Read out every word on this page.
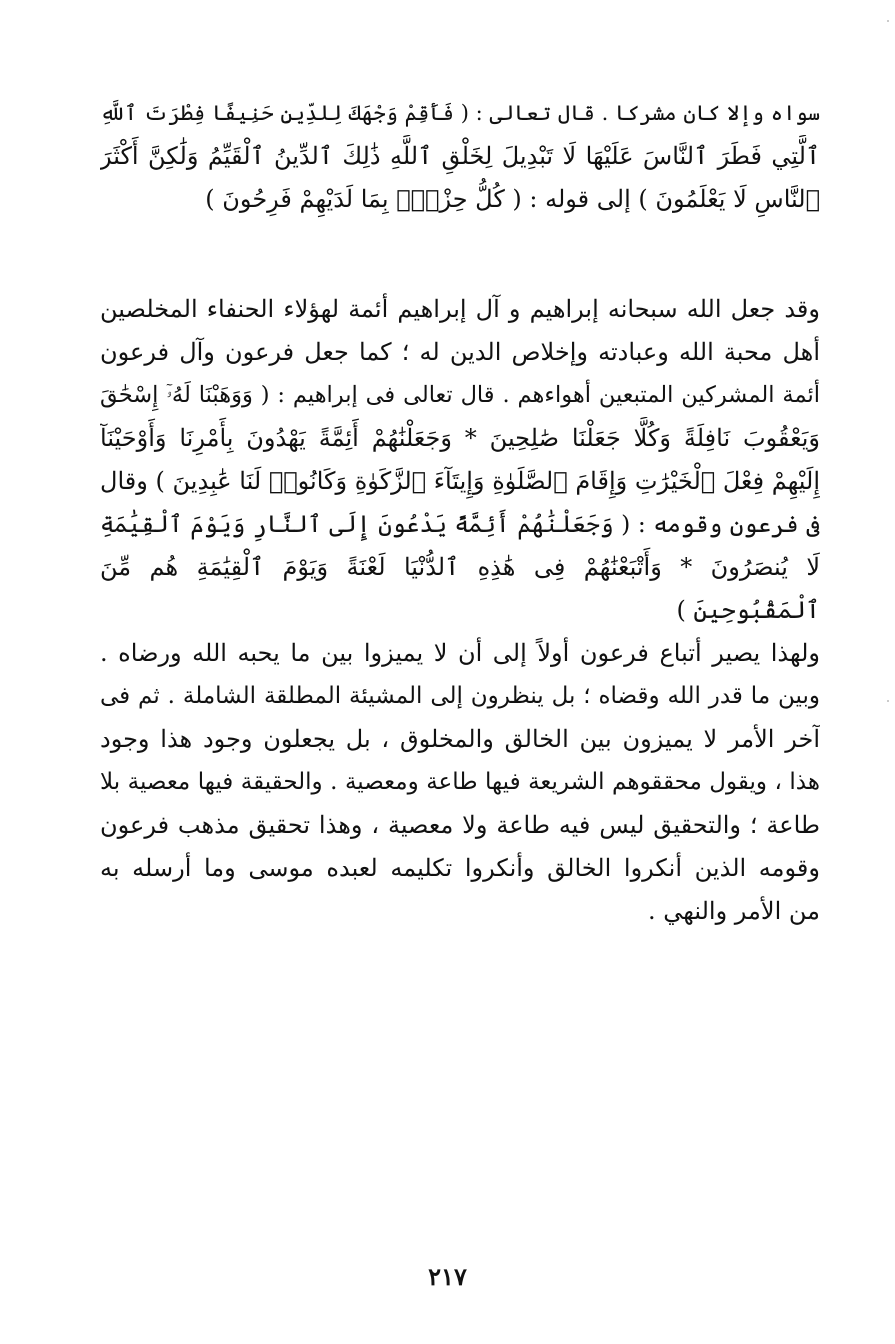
سواه وإلا كان مشركا . قال تعالى : ( فَأَقِمْ وَجْهَكَ لِلدِّينِ حَنِيفًا فِطْرَتَ ٱللَّهِ
ٱلَّتِي فَطَرَ ٱلنَّاسَ عَلَيْهَا لَا تَبْدِيلَ لِخَلْقِ ٱللَّهِ ذَٰلِكَ ٱلدِّينُ ٱلْقَيِّمُ وَلَٰكِنَّ أَكْثَرَ
ٱلنَّاسِ لَا يَعْلَمُونَ ) إلى قوله : ( كُلُّ حِزْبٍۭ بِمَا لَدَيْهِمْ فَرِحُونَ )
وقد جعل الله سبحانه إبراهيم و آل إبراهيم أئمة لهؤلاء الحنفاء المخلصين
أهل محبة الله وعبادته وإخلاص الدين له ؛ كما جعل فرعون وآل فرعون
أئمة المشركين المتبعين أهواءهم . قال تعالى فى إبراهيم : ( وَوَهَبْنَا لَهُۥٓ إِسْحَٰقَ
وَيَعْقُوبَ نَافِلَةً وَكُلًّا جَعَلْنَا صَٰلِحِينَ * وَجَعَلْنَٰهُمْ أَئِمَّةً يَهْدُونَ بِأَمْرِنَا وَأَوْحَيْنَآ
إِلَيْهِمْ فِعْلَ ٱلْخَيْرَٰتِ وَإِقَامَ ٱلصَّلَوٰةِ وَإِيتَآءَ ٱلزَّكَوٰةِ وَكَانُوا۟ لَنَا عَٰبِدِينَ ) وقال
فى فرعون وقومه : ( وَجَعَلْنَٰهُمْ أَئِمَّةً يَدْعُونَ إِلَى ٱلنَّارِ وَيَوْمَ ٱلْقِيَٰمَةِ
لَا يُنصَرُونَ * وَأَتْبَعْنَٰهُمْ فِى هَٰذِهِ ٱلدُّنْيَا لَعْنَةً وَيَوْمَ ٱلْقِيَٰمَةِ هُم مِّنَ
ٱلْمَقْبُوحِينَ )
ولهذا يصير أتباع فرعون أولاً إلى أن لا يميزوا بين ما يحبه الله ورضاه .
وبين ما قدر الله وقضاه ؛ بل ينظرون إلى المشيئة المطلقة الشاملة . ثم فى
آخر الأمر لا يميزون بين الخالق والمخلوق ، بل يجعلون وجود هذا وجود
هذا ، ويقول محققوهم الشريعة فيها طاعة ومعصية . والحقيقة فيها معصية بلا
طاعة ؛ والتحقيق ليس فيه طاعة ولا معصية ، وهذا تحقيق مذهب فرعون
وقومه الذين أنكروا الخالق وأنكروا تكليمه لعبده موسى وما أرسله به
من الأمر والنهي .
٢١٧
